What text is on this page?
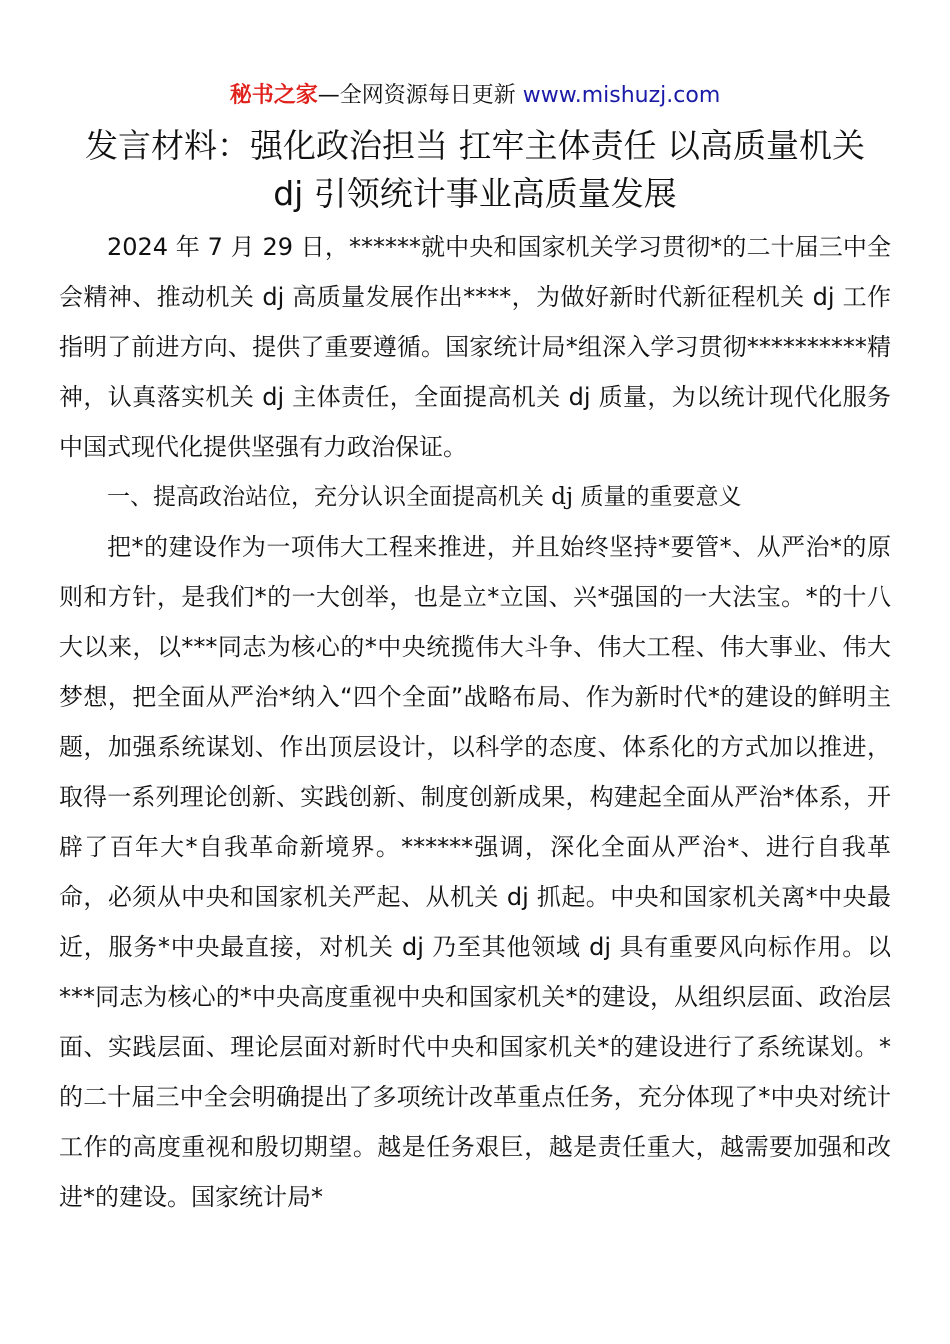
秘书之家—全网资源每日更新 www.mishuzj.com
发言材料：强化政治担当 扛牢主体责任 以高质量机关
dj 引领统计事业高质量发展

2024 年 7 月 29 日，******就中央和国家机关学习贯彻*的二十届三中全会精神、推动机关 dj 高质量发展作出****，为做好新时代新征程机关 dj 工作指明了前进方向、提供了重要遵循。国家统计局*组深入学习贯彻**********精神，认真落实机关 dj 主体责任，全面提高机关 dj 质量，为以统计现代化服务中国式现代化提供坚强有力政治保证。

一、提高政治站位，充分认识全面提高机关 dj 质量的重要意义

把*的建设作为一项伟大工程来推进，并且始终坚持*要管*、从严治*的原则和方针，是我们*的一大创举，也是立*立国、兴*强国的一大法宝。*的十八大以来，以***同志为核心的*中央统揽伟大斗争、伟大工程、伟大事业、伟大梦想，把全面从严治*纳入“四个全面”战略布局、作为新时代*的建设的鲜明主题，加强系统谋划、作出顶层设计，以科学的态度、体系化的方式加以推进，取得一系列理论创新、实践创新、制度创新成果，构建起全面从严治*体系，开辟了百年大*自我革命新境界。******强调，深化全面从严治*、进行自我革命，必须从中央和国家机关严起、从机关 dj 抓起。中央和国家机关离*中央最近，服务*中央最直接，对机关 dj 乃至其他领域 dj 具有重要风向标作用。以***同志为核心的*中央高度重视中央和国家机关*的建设，从组织层面、政治层面、实践层面、理论层面对新时代中央和国家机关*的建设进行了系统谋划。*的二十届三中全会明确提出了多项统计改革重点任务，充分体现了*中央对统计工作的高度重视和殷切期望。越是任务艰巨，越是责任重大，越需要加强和改进*的建设。国家统计局*
